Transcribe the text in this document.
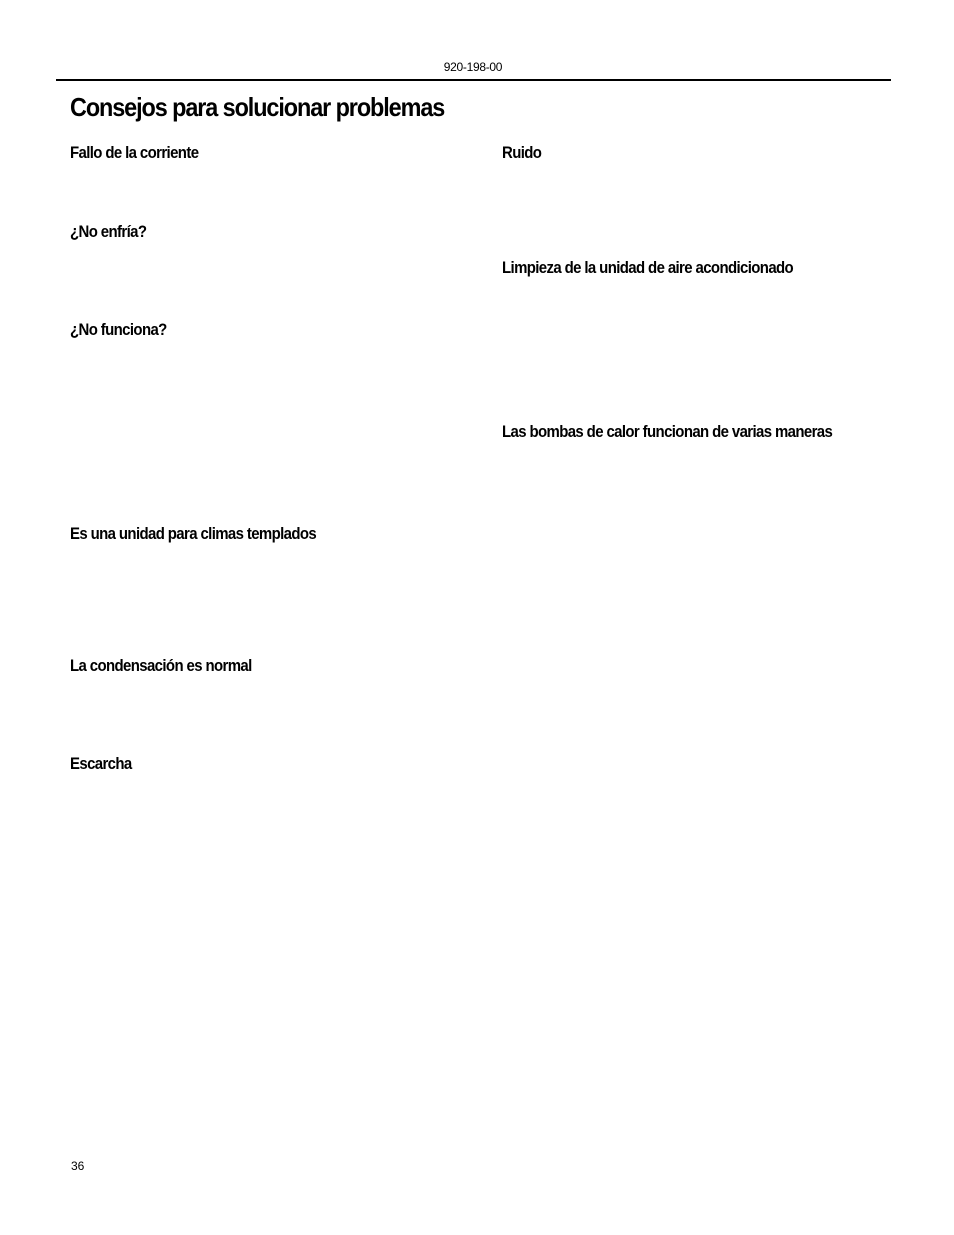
920-198-00
Consejos para solucionar problemas
Fallo de la corriente
¿No enfría?
¿No funciona?
Es una unidad para climas templados
La condensación es normal
Escarcha
Ruido
Limpieza de la unidad de aire acondicionado
Las bombas de calor funcionan de varias maneras
36
